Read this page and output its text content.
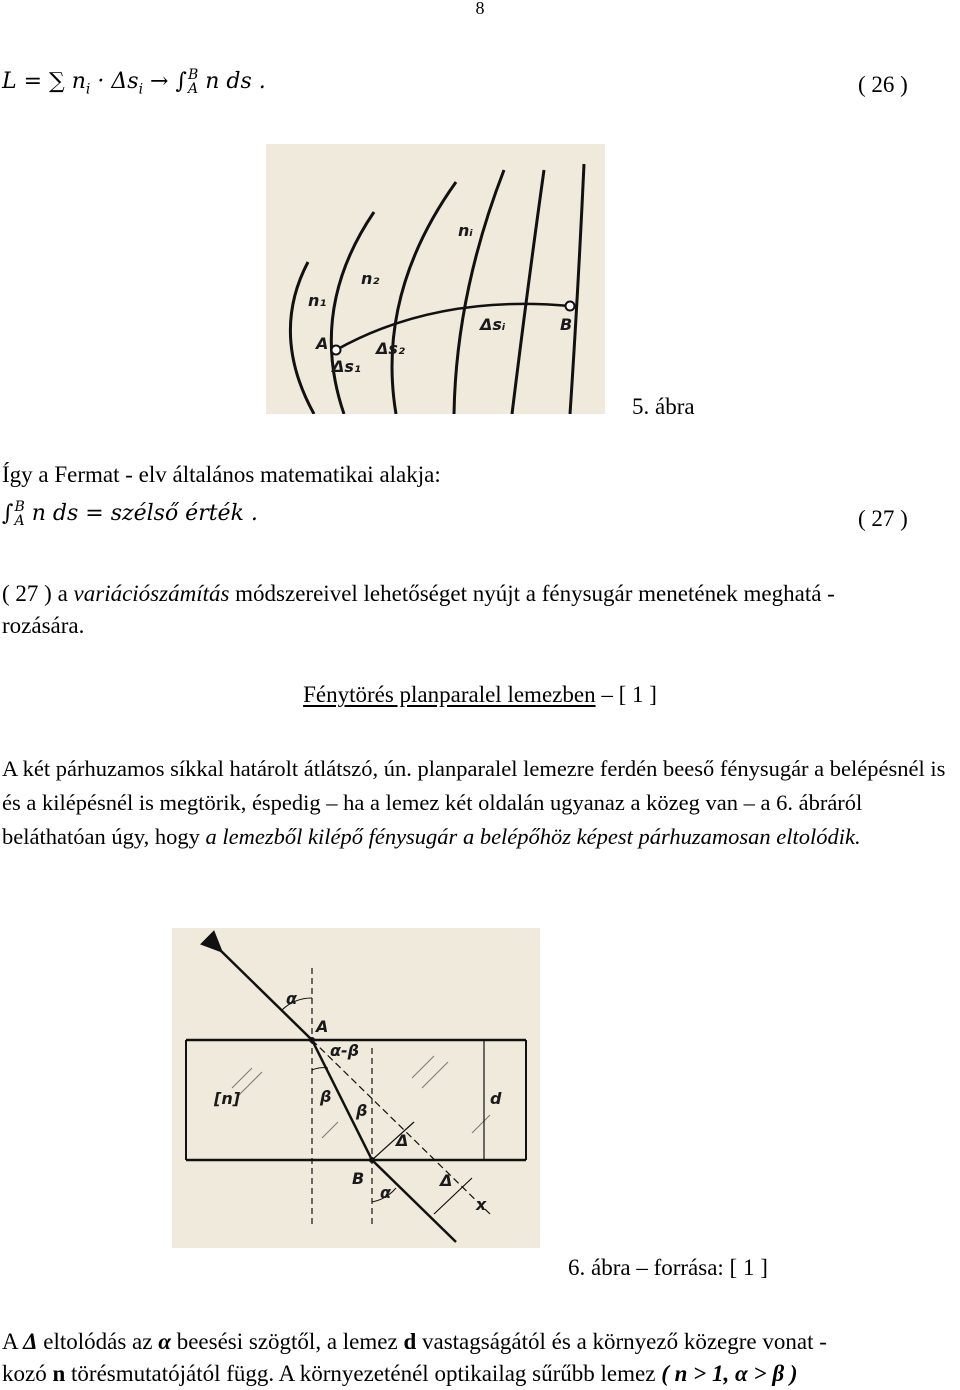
8
L = ∑ $n_i \cdot \Delta s_i$ → ∫ B
A n ds .	( 26 )
n₁
n₂
nᵢ
A
B
Δs₁
Δs₂
Δsᵢ
5. ábra
Így a Fermat - elv általános matematikai alakja:
∫ B
A n ds = szélső érték .	( 27 )
( 27 ) a variációszámítás módszereivel lehetőséget nyújt a fénysugár menetének meghatá -
rozására.
Fénytörés planparalel lemezben – [ 1 ]
A két párhuzamos síkkal határolt átlátszó, ún. planparalel lemezre ferdén beeső fénysugár a belépésnél is és a kilépésnél is megtörik, éspedig – ha a lemez két oldalán ugyanaz a közeg van – a 6. ábráról beláthatóan úgy, hogy a lemezből kilépő fénysugár a belépőhöz képest párhuzamosan eltolódik.
α
A
α-β
[n]	β
β
Δ
d
B
α
Δ
x
6. ábra – forrása: [ 1 ]
A Δ eltolódás az α beesési szögtől, a lemez d vastagságától és a környező közegre vonat -
kozó n törésmutatójától függ. A környezeténél optikailag sűrűbb lemez ( n > 1, α > β )
